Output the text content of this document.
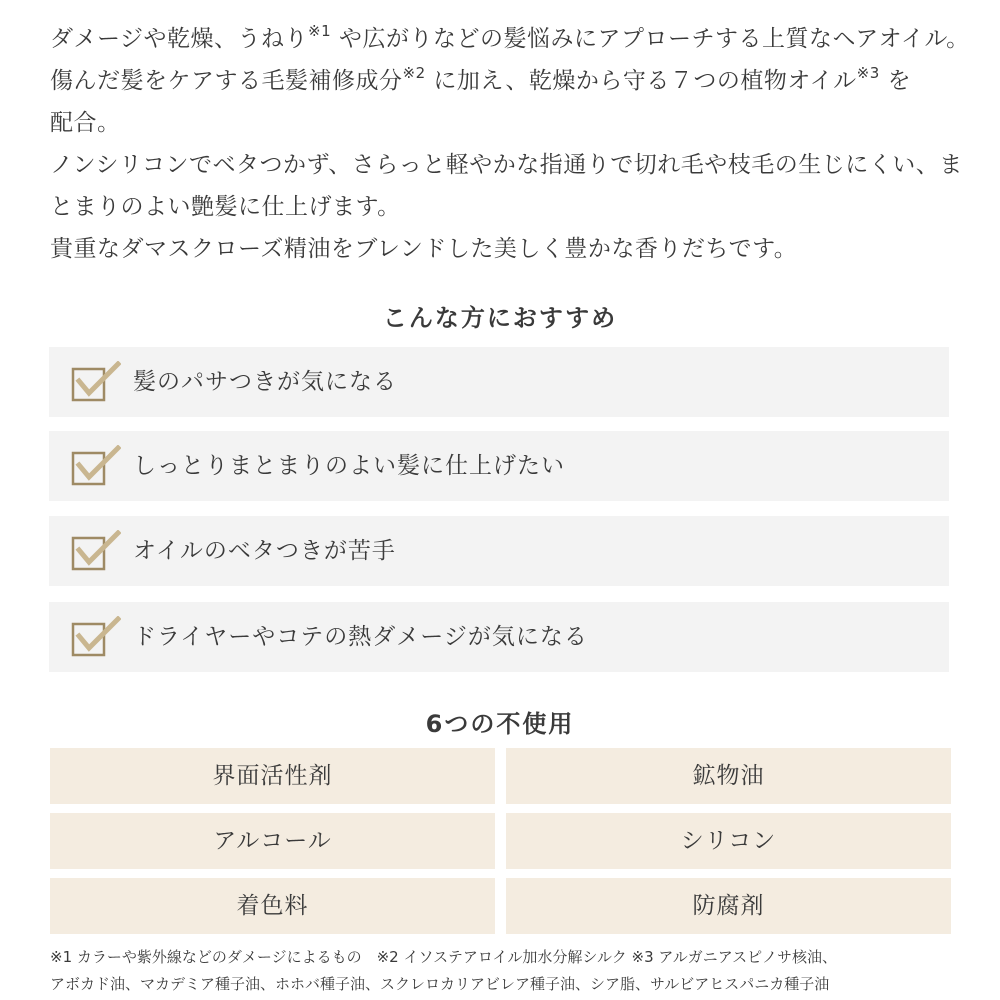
ダメージや乾燥、うねり$^{※1}$ や広がりなどの髪悩みにアプローチする上質なヘアオイル。

傷んだ髪をケアする毛髪補修成分$^{※2}$ に加え、乾燥から守る７つの植物オイル$^{※3}$ を

配合。

ノンシリコンでベタつかず、さらっと軽やかな指通りで切れ毛や枝毛の生じにくい、ま

とまりのよい艶髪に仕上げます。

貴重なダマスクローズ精油をブレンドした美しく豊かな香りだちです。

こんな方におすすめ
髪のパサつきが気になる
しっとりまとまりのよい髪に仕上げたい
オイルのベタつきが苦手
ドライヤーやコテの熱ダメージが気になる
6つの不使用
界面活性剤	鉱物油
アルコール	シリコン
着色料	防腐剤

※1 カラーや紫外線などのダメージによるもの　※2 イソステアロイル加水分解シルク ※3 アルガニアスピノサ核油、

アボカド油、マカデミア種子油、ホホバ種子油、スクレロカリアビレア種子油、シア脂、サルビアヒスパニカ種子油
